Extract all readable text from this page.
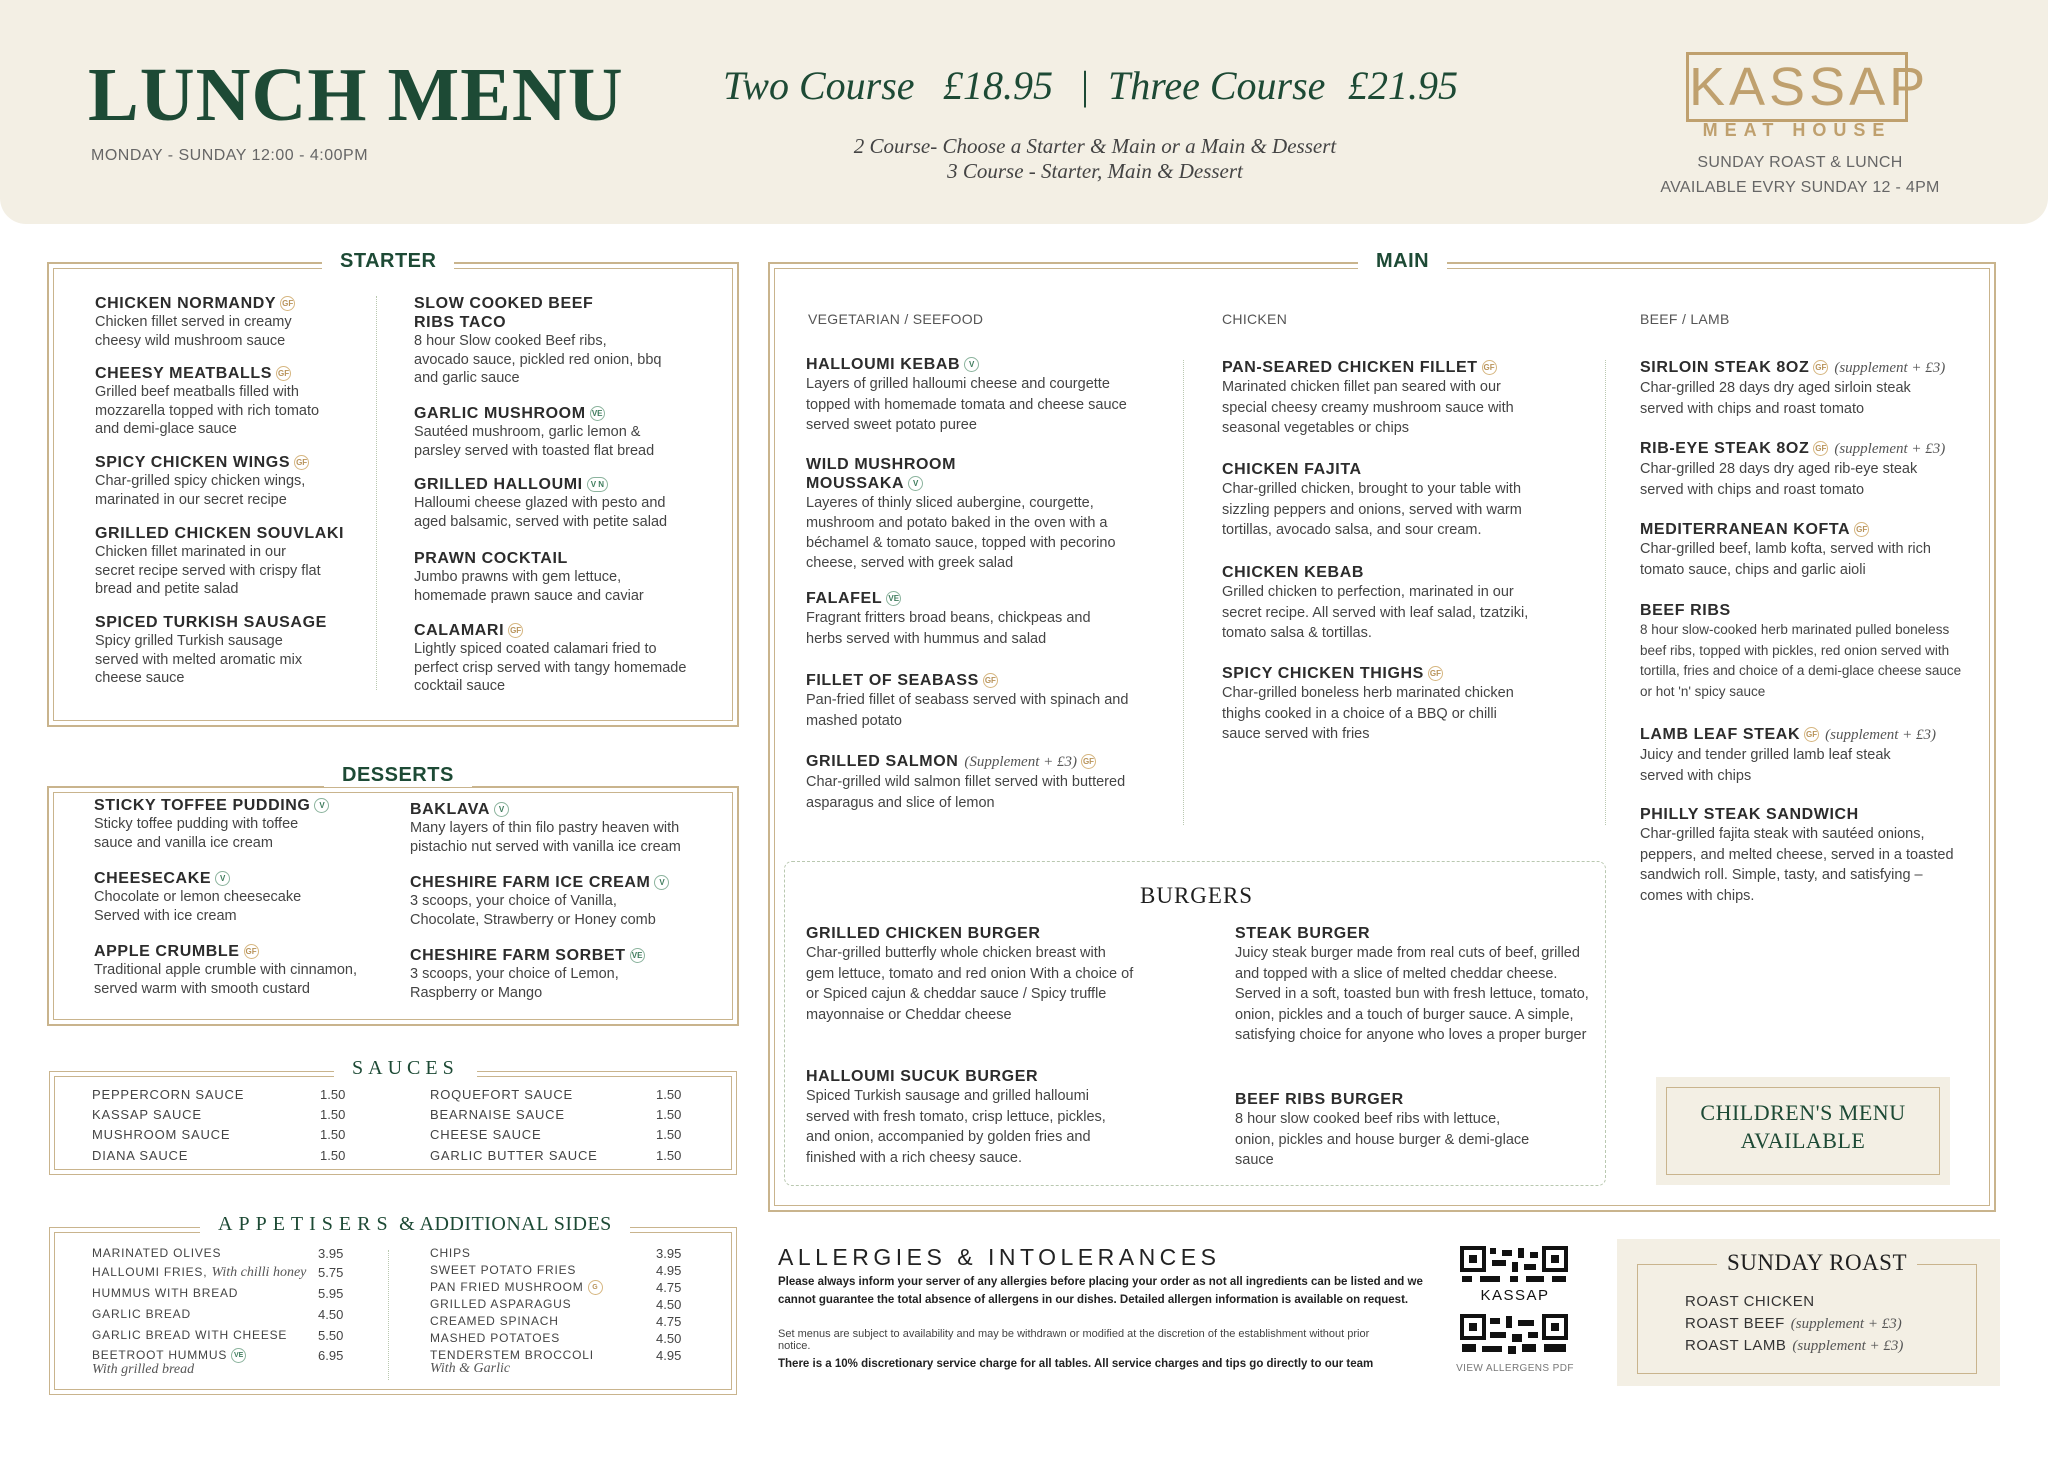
LUNCH MENU
MONDAY - SUNDAY 12:00 - 4:00PM
Two Course £18.95 | Three Course £21.95
2 Course- Choose a Starter & Main or a Main & Dessert
3 Course - Starter, Main & Dessert
KASSAP
MEAT HOUSE
SUNDAY ROAST & LUNCH
AVAILABLE EVRY SUNDAY 12 - 4PM
STARTER
CHICKEN NORMANDY GF
Chicken fillet served in creamy cheesy wild mushroom sauce
CHEESY MEATBALLS GF
Grilled beef meatballs filled with mozzarella topped with rich tomato and demi-glace sauce
SPICY CHICKEN WINGS GF
Char-grilled spicy chicken wings, marinated in our secret recipe
GRILLED CHICKEN SOUVLAKI
Chicken fillet marinated in our secret recipe served with crispy flat bread and petite salad
SPICED TURKISH SAUSAGE
Spicy grilled Turkish sausage served with melted aromatic mix cheese sauce
SLOW COOKED BEEF RIBS TACO
8 hour Slow cooked Beef ribs, avocado sauce, pickled red onion, bbq and garlic sauce
GARLIC MUSHROOM VE
Sautéed mushroom, garlic lemon & parsley served with toasted flat bread
GRILLED HALLOUMI V N
Halloumi cheese glazed with pesto and aged balsamic, served with petite salad
PRAWN COCKTAIL
Jumbo prawns with gem lettuce, homemade prawn sauce and caviar
CALAMARI GF
Lightly spiced coated calamari fried to perfect crisp served with tangy homemade cocktail sauce
DESSERTS
STICKY TOFFEE PUDDING V
Sticky toffee pudding with toffee sauce and vanilla ice cream
CHEESECAKE V
Chocolate or lemon cheesecake Served with ice cream
APPLE CRUMBLE GF
Traditional apple crumble with cinnamon, served warm with smooth custard
BAKLAVA V
Many layers of thin filo pastry heaven with pistachio nut served with vanilla ice cream
CHESHIRE FARM ICE CREAM V
3 scoops, your choice of Vanilla, Chocolate, Strawberry or Honey comb
CHESHIRE FARM SORBET VE
3 scoops, your choice of Lemon, Raspberry or Mango
SAUCES
PEPPERCORN SAUCE	1.50
KASSAP SAUCE	1.50
MUSHROOM SAUCE	1.50
DIANA SAUCE	1.50
ROQUEFORT SAUCE	1.50
BEARNAISE SAUCE	1.50
CHEESE SAUCE	1.50
GARLIC BUTTER SAUCE	1.50
APPETISERS & ADDITIONAL SIDES
MARINATED OLIVES	3.95
HALLOUMI FRIES, With chilli honey 5.75
HUMMUS WITH BREAD	5.95
GARLIC BREAD	4.50
GARLIC BREAD WITH CHEESE 5.50
BEETROOT HUMMUS VE	6.95
With grilled bread
CHIPS	3.95
SWEET POTATO FRIES	4.95
PAN FRIED MUSHROOM G	4.75
GRILLED ASPARAGUS	4.50
CREAMED SPINACH	4.75
MASHED POTATOES	4.50
TENDERSTEM BROCCOLI	4.95
With & Garlic
MAIN
VEGETARIAN / SEEFOOD	CHICKEN	BEEF / LAMB
HALLOUMI KEBAB V
Layers of grilled halloumi cheese and courgette topped with homemade tomata and cheese sauce served sweet potato puree
WILD MUSHROOM MOUSSAKA V
Layeres of thinly sliced aubergine, courgette, mushroom and potato baked in the oven with a béchamel & tomato sauce, topped with pecorino cheese, served with greek salad
FALAFEL VE
Fragrant fritters broad beans, chickpeas and herbs served with hummus and salad
FILLET OF SEABASS GF
Pan-fried fillet of seabass served with spinach and mashed potato
GRILLED SALMON (Supplement + £3) GF
Char-grilled wild salmon fillet served with buttered asparagus and slice of lemon
PAN-SEARED CHICKEN FILLET GF
Marinated chicken fillet pan seared with our special cheesy creamy mushroom sauce with seasonal vegetables or chips
CHICKEN FAJITA
Char-grilled chicken, brought to your table with sizzling peppers and onions, served with warm tortillas, avocado salsa, and sour cream.
CHICKEN KEBAB
Grilled chicken to perfection, marinated in our secret recipe. All served with leaf salad, tzatziki, tomato salsa & tortillas.
SPICY CHICKEN THIGHS GF
Char-grilled boneless herb marinated chicken thighs cooked in a choice of a BBQ or chilli sauce served with fries
SIRLOIN STEAK 8OZ GF (supplement + £3)
Char-grilled 28 days dry aged sirloin steak served with chips and roast tomato
RIB-EYE STEAK 8OZ GF (supplement + £3)
Char-grilled 28 days dry aged rib-eye steak served with chips and roast tomato
MEDITERRANEAN KOFTA GF
Char-grilled beef, lamb kofta, served with rich tomato sauce, chips and garlic aioli
BEEF RIBS
8 hour slow-cooked herb marinated pulled boneless beef ribs, topped with pickles, red onion served with tortilla, fries and choice of a demi-glace cheese sauce or hot 'n' spicy sauce
LAMB LEAF STEAK GF (supplement + £3)
Juicy and tender grilled lamb leaf steak served with chips
PHILLY STEAK SANDWICH
Char-grilled fajita steak with sautéed onions, peppers, and melted cheese, served in a toasted sandwich roll. Simple, tasty, and satisfying – comes with chips.
BURGERS
GRILLED CHICKEN BURGER
Char-grilled butterfly whole chicken breast with gem lettuce, tomato and red onion With a choice of or Spiced cajun & cheddar sauce / Spicy truffle mayonnaise or Cheddar cheese
HALLOUMI SUCUK BURGER
Spiced Turkish sausage and grilled halloumi served with fresh tomato, crisp lettuce, pickles, and onion, accompanied by golden fries and finished with a rich cheesy sauce.
STEAK BURGER
Juicy steak burger made from real cuts of beef, grilled and topped with a slice of melted cheddar cheese. Served in a soft, toasted bun with fresh lettuce, tomato, onion, pickles and a touch of burger sauce. A simple, satisfying choice for anyone who loves a proper burger
BEEF RIBS BURGER
8 hour slow cooked beef ribs with lettuce, onion, pickles and house burger & demi-glace sauce
CHILDREN'S MENU
AVAILABLE
ALLERGIES & INTOLERANCES
Please always inform your server of any allergies before placing your order as not all ingredients can be listed and we cannot guarantee the total absence of allergens in our dishes. Detailed allergen information is available on request.
Set menus are subject to availability and may be withdrawn or modified at the discretion of the establishment without prior notice.
There is a 10% discretionary service charge for all tables. All service charges and tips go directly to our team
KASSAP
VIEW ALLERGENS PDF
SUNDAY ROAST
ROAST CHICKEN
ROAST BEEF (supplement + £3)
ROAST LAMB (supplement + £3)
